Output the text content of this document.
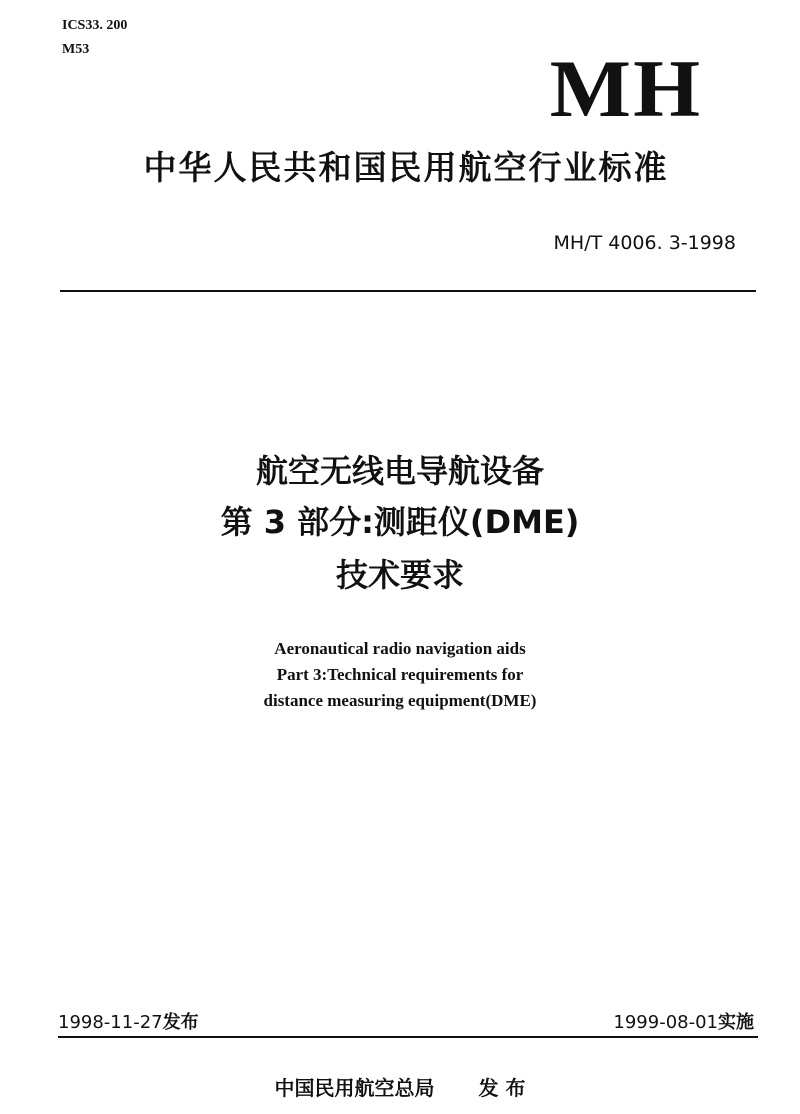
ICS33. 200
M53	MH
中华人民共和国民用航空行业标准
MH/T 4006. 3-1998
航空无线电导航设备
第 3 部分:测距仪(DME)
技术要求
Aeronautical radio navigation aids
Part 3:Technical requirements for
distance measuring equipment(DME)
1998-11-27发布	1999-08-01实施
中国民用航空总局 发 布
